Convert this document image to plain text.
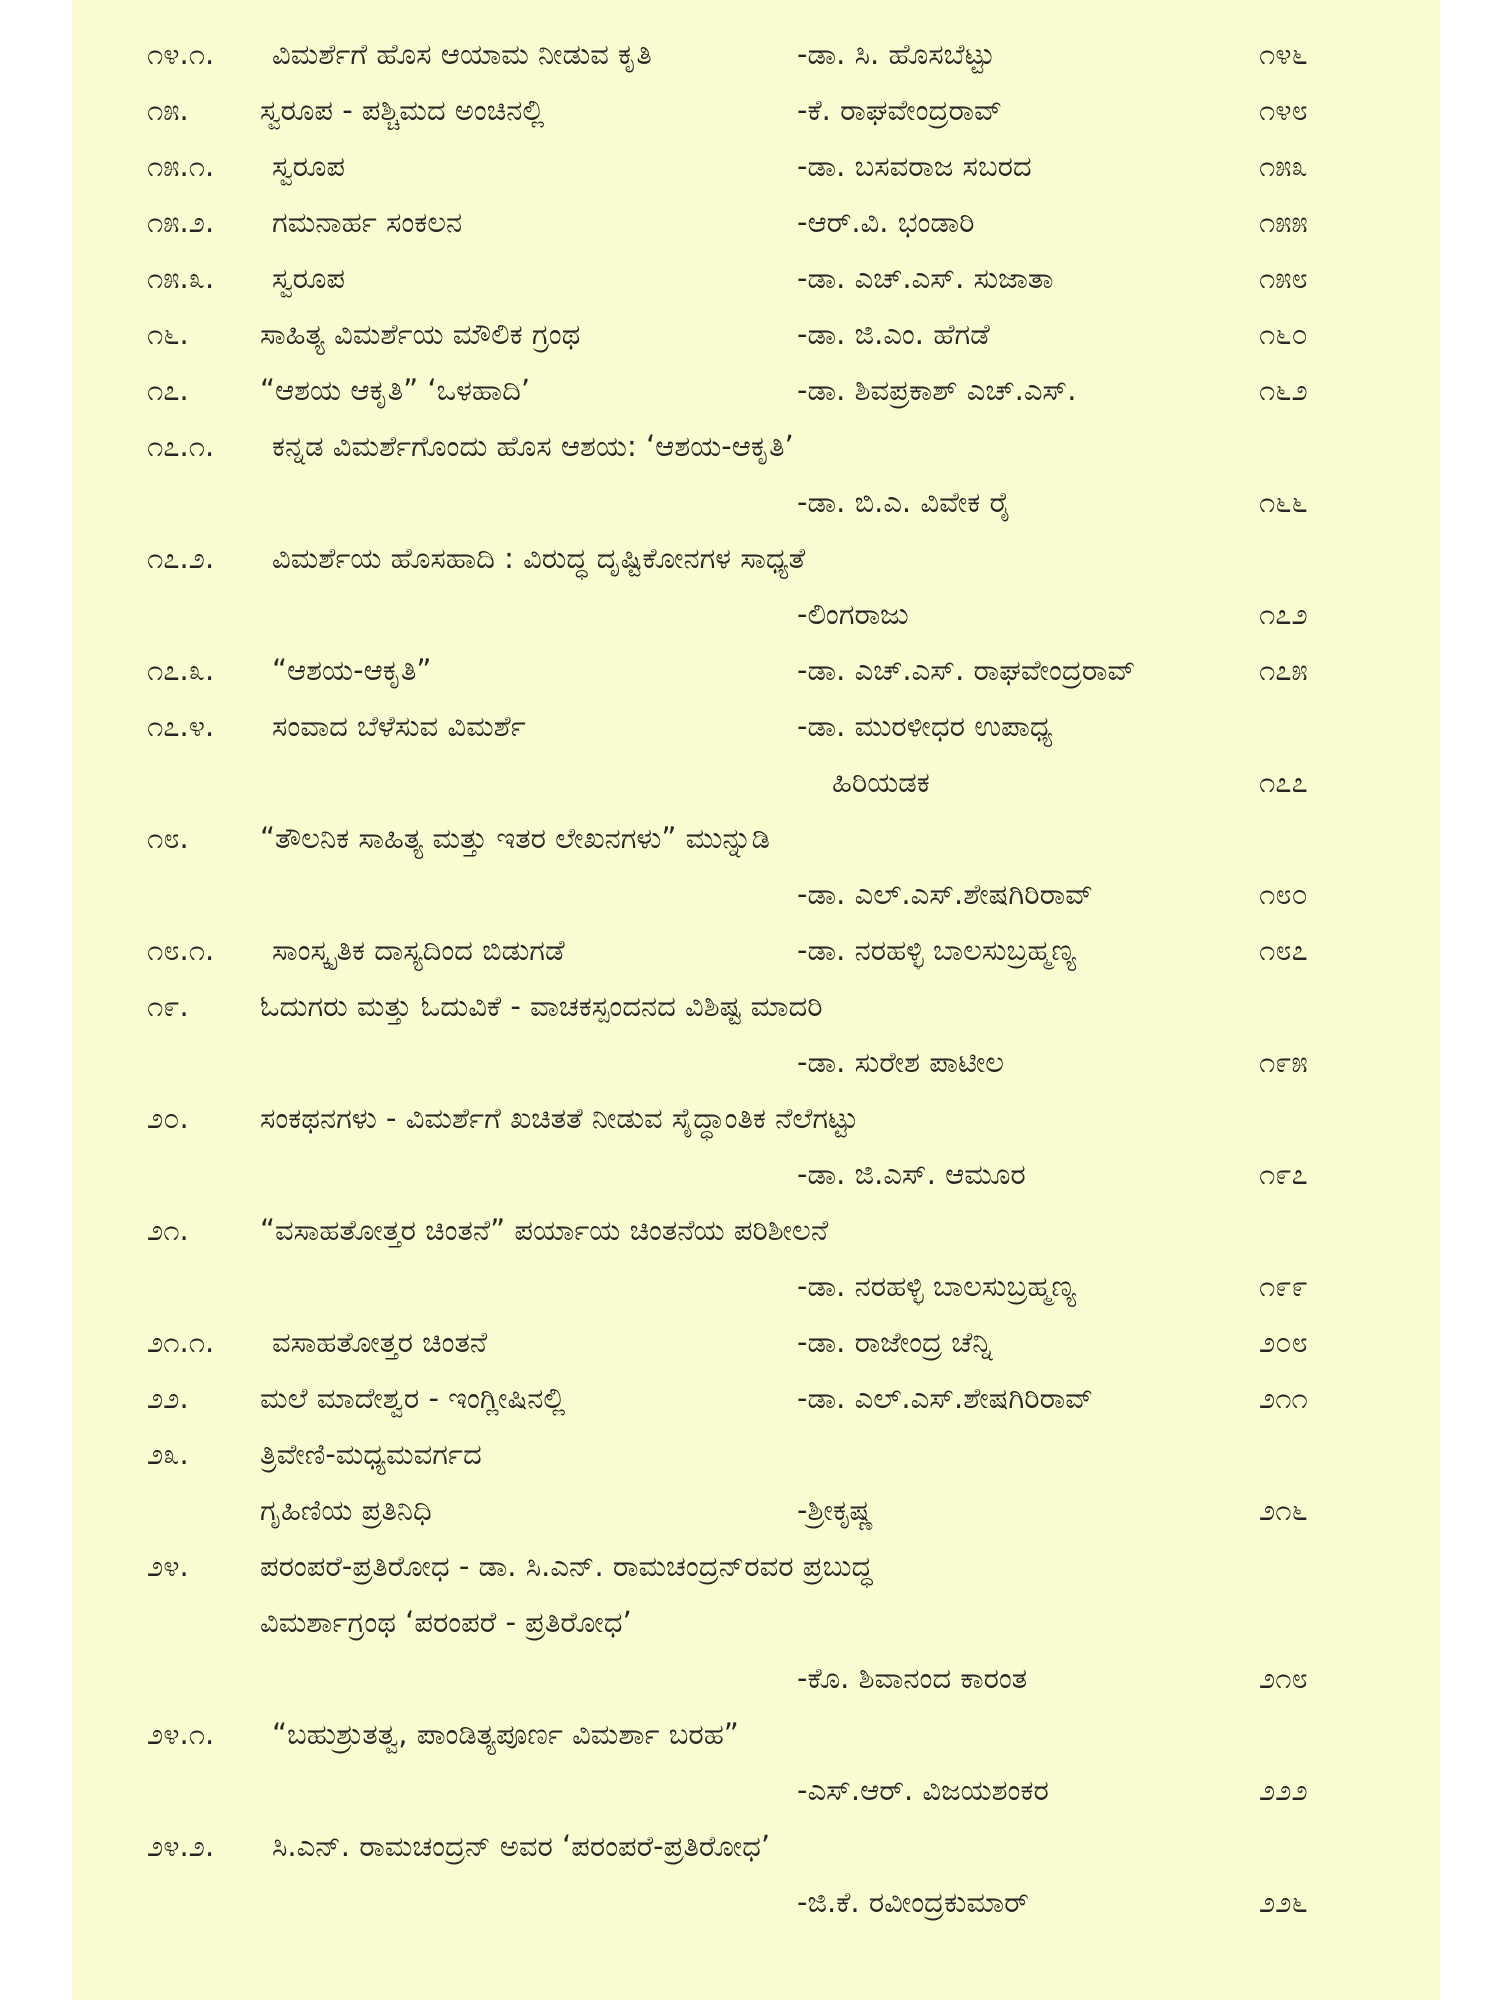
೧೪.೧. ವಿಮರ್ಶೆಗೆ ಹೊಸ ಆಯಾಮ ನೀಡುವ ಕೃತಿ	-ಡಾ. ಸಿ. ಹೊಸಬೆಟ್ಟು	೧೪೬
೧೫. ಸ್ವರೂಪ - ಪಶ್ಚಿಮದ ಅಂಚಿನಲ್ಲಿ	-ಕೆ. ರಾಘವೇಂದ್ರರಾವ್	೧೪೮
೧೫.೧. ಸ್ವರೂಪ	-ಡಾ. ಬಸವರಾಜ ಸಬರದ	೧೫೩
೧೫.೨. ಗಮನಾರ್ಹ ಸಂಕಲನ	-ಆರ್.ವಿ. ಭಂಡಾರಿ	೧೫೫
೧೫.೩. ಸ್ವರೂಪ	-ಡಾ. ಎಚ್.ಎಸ್. ಸುಜಾತಾ	೧೫೮
೧೬. ಸಾಹಿತ್ಯ ವಿಮರ್ಶೆಯ ಮೌಲಿಕ ಗ್ರಂಥ	-ಡಾ. ಜಿ.ಎಂ. ಹೆಗಡೆ	೧೬೦
೧೭. “ಆಶಯ ಆಕೃತಿ” ‘ಒಳಹಾದಿ’	-ಡಾ. ಶಿವಪ್ರಕಾಶ್ ಎಚ್.ಎಸ್.	೧೬೨
೧೭.೧. ಕನ್ನಡ ವಿಮರ್ಶೆಗೊಂದು ಹೊಸ ಆಶಯ: ‘ಆಶಯ-ಆಕೃತಿ’
-ಡಾ. ಬಿ.ಎ. ವಿವೇಕ ರೈ	೧೬೬
೧೭.೨. ವಿಮರ್ಶೆಯ ಹೊಸಹಾದಿ : ವಿರುದ್ಧ ದೃಷ್ಟಿಕೋನಗಳ ಸಾಧ್ಯತೆ
-ಲಿಂಗರಾಜು	೧೭೨
೧೭.೩. “ಆಶಯ-ಆಕೃತಿ”	-ಡಾ. ಎಚ್.ಎಸ್. ರಾಘವೇಂದ್ರರಾವ್	೧೭೫
೧೭.೪. ಸಂವಾದ ಬೆಳೆಸುವ ವಿಮರ್ಶೆ	-ಡಾ. ಮುರಳೀಧರ ಉಪಾಧ್ಯ
ಹಿರಿಯಡಕ	೧೭೭
೧೮. “ತೌಲನಿಕ ಸಾಹಿತ್ಯ ಮತ್ತು ಇತರ ಲೇಖನಗಳು” ಮುನ್ನುಡಿ
-ಡಾ. ಎಲ್.ಎಸ್.ಶೇಷಗಿರಿರಾವ್	೧೮೦
೧೮.೧. ಸಾಂಸ್ಕೃತಿಕ ದಾಸ್ಯದಿಂದ ಬಿಡುಗಡೆ	-ಡಾ. ನರಹಳ್ಳಿ ಬಾಲಸುಬ್ರಹ್ಮಣ್ಯ	೧೮೭
೧೯. ಓದುಗರು ಮತ್ತು ಓದುವಿಕೆ - ವಾಚಕಸ್ಪಂದನದ ವಿಶಿಷ್ಟ ಮಾದರಿ
-ಡಾ. ಸುರೇಶ ಪಾಟೀಲ	೧೯೫
೨೦. ಸಂಕಥನಗಳು - ವಿಮರ್ಶೆಗೆ ಖಚಿತತೆ ನೀಡುವ ಸೈದ್ಧಾಂತಿಕ ನೆಲೆಗಟ್ಟು
-ಡಾ. ಜಿ.ಎಸ್. ಆಮೂರ	೧೯೭
೨೧. “ವಸಾಹತೋತ್ತರ ಚಿಂತನೆ” ಪರ್ಯಾಯ ಚಿಂತನೆಯ ಪರಿಶೀಲನೆ
-ಡಾ. ನರಹಳ್ಳಿ ಬಾಲಸುಬ್ರಹ್ಮಣ್ಯ	೧೯೯
೨೧.೧. ವಸಾಹತೋತ್ತರ ಚಿಂತನೆ	-ಡಾ. ರಾಜೇಂದ್ರ ಚೆನ್ನಿ	೨೦೮
೨೨. ಮಲೆ ಮಾದೇಶ್ವರ - ಇಂಗ್ಲೀಷಿನಲ್ಲಿ	-ಡಾ. ಎಲ್.ಎಸ್.ಶೇಷಗಿರಿರಾವ್	೨೧೧
೨೩. ತ್ರಿವೇಣಿ-ಮಧ್ಯಮವರ್ಗದ
ಗೃಹಿಣಿಯ ಪ್ರತಿನಿಧಿ	-ಶ್ರೀಕೃಷ್ಣ	೨೧೬
೨೪. ಪರಂಪರೆ-ಪ್ರತಿರೋಧ - ಡಾ. ಸಿ.ಎನ್. ರಾಮಚಂದ್ರನ್‌ರವರ ಪ್ರಬುದ್ಧ
ವಿಮರ್ಶಾಗ್ರಂಥ ‘ಪರಂಪರೆ - ಪ್ರತಿರೋಧ’
-ಕೊ. ಶಿವಾನಂದ ಕಾರಂತ	೨೧೮
೨೪.೧. “ಬಹುಶ್ರುತತ್ವ, ಪಾಂಡಿತ್ಯಪೂರ್ಣ ವಿಮರ್ಶಾ ಬರಹ”
-ಎಸ್.ಆರ್. ವಿಜಯಶಂಕರ	೨೨೨
೨೪.೨. ಸಿ.ಎನ್. ರಾಮಚಂದ್ರನ್ ಅವರ ‘ಪರಂಪರೆ-ಪ್ರತಿರೋಧ’
-ಜಿ.ಕೆ. ರವೀಂದ್ರಕುಮಾರ್	೨೨೬
